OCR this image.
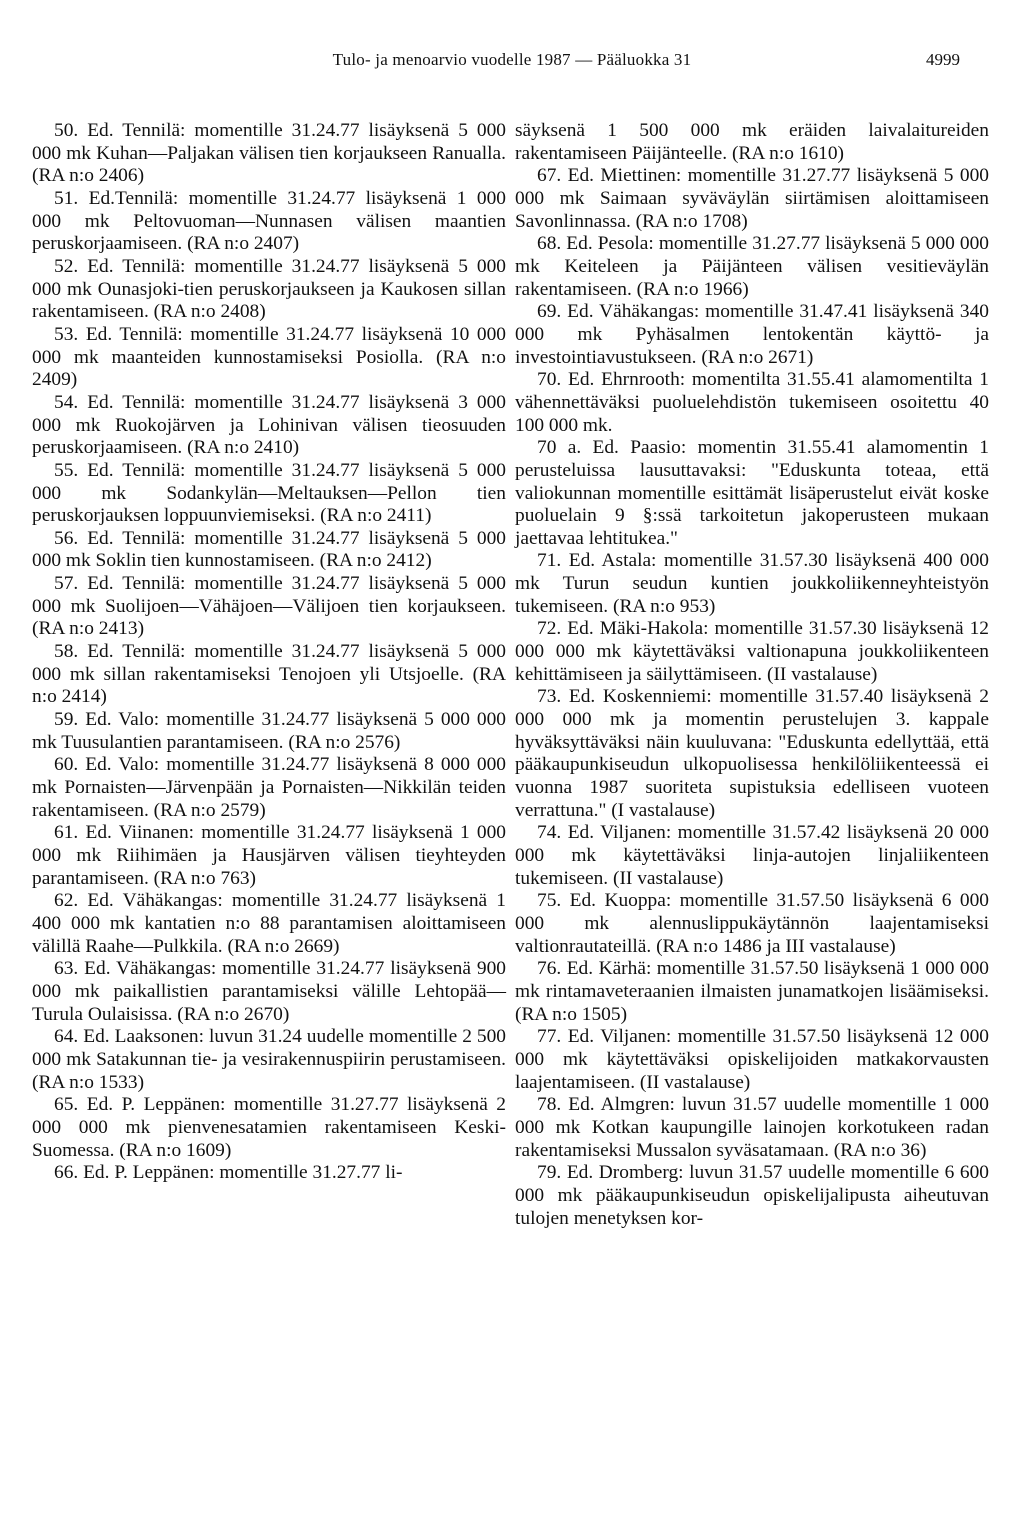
Tulo- ja menoarvio vuodelle 1987 — Pääluokka 31	4999

50. Ed. Tennilä: momentille 31.24.77 lisäyksenä 5 000 000 mk Kuhan—Paljakan välisen tien korjaukseen Ranualla. (RA n:o 2406)

51. Ed.Tennilä: momentille 31.24.77 lisäyksenä 1 000 000 mk Peltovuoman—Nunnasen välisen maantien peruskorjaamiseen. (RA n:o 2407)

52. Ed. Tennilä: momentille 31.24.77 lisäyksenä 5 000 000 mk Ounasjoki-tien peruskorjaukseen ja Kaukosen sillan rakentamiseen. (RA n:o 2408)

53. Ed. Tennilä: momentille 31.24.77 lisäyksenä 10 000 000 mk maanteiden kunnostamiseksi Posiolla. (RA n:o 2409)

54. Ed. Tennilä: momentille 31.24.77 lisäyksenä 3 000 000 mk Ruokojärven ja Lohinivan välisen tieosuuden peruskorjaamiseen. (RA n:o 2410)

55. Ed. Tennilä: momentille 31.24.77 lisäyksenä 5 000 000 mk Sodankylän—Meltauksen—Pellon tien peruskorjauksen loppuunviemiseksi. (RA n:o 2411)

56. Ed. Tennilä: momentille 31.24.77 lisäyksenä 5 000 000 mk Soklin tien kunnostamiseen. (RA n:o 2412)

57. Ed. Tennilä: momentille 31.24.77 lisäyksenä 5 000 000 mk Suolijoen—Vähäjoen—Välijoen tien korjaukseen. (RA n:o 2413)

58. Ed. Tennilä: momentille 31.24.77 lisäyksenä 5 000 000 mk sillan rakentamiseksi Tenojoen yli Utsjoelle. (RA n:o 2414)

59. Ed. Valo: momentille 31.24.77 lisäyksenä 5 000 000 mk Tuusulantien parantamiseen. (RA n:o 2576)

60. Ed. Valo: momentille 31.24.77 lisäyksenä 8 000 000 mk Pornaisten—Järvenpään ja Pornaisten—Nikkilän teiden rakentamiseen. (RA n:o 2579)

61. Ed. Viinanen: momentille 31.24.77 lisäyksenä 1 000 000 mk Riihimäen ja Hausjärven välisen tieyhteyden parantamiseen. (RA n:o 763)

62. Ed. Vähäkangas: momentille 31.24.77 lisäyksenä 1 400 000 mk kantatien n:o 88 parantamisen aloittamiseen välillä Raahe—Pulkkila. (RA n:o 2669)

63. Ed. Vähäkangas: momentille 31.24.77 lisäyksenä 900 000 mk paikallistien parantamiseksi välille Lehtopää—Turula Oulaisissa. (RA n:o 2670)

64. Ed. Laaksonen: luvun 31.24 uudelle momentille 2 500 000 mk Satakunnan tie- ja vesirakennuspiirin perustamiseen. (RA n:o 1533)

65. Ed. P. Leppänen: momentille 31.27.77 lisäyksenä 2 000 000 mk pienvenesatamien rakentamiseen Keski-Suomessa. (RA n:o 1609)

66. Ed. P. Leppänen: momentille 31.27.77 li-

säyksenä 1 500 000 mk eräiden laivalaitureiden rakentamiseen Päijänteelle. (RA n:o 1610)

67. Ed. Miettinen: momentille 31.27.77 lisäyksenä 5 000 000 mk Saimaan syväväylän siirtämisen aloittamiseen Savonlinnassa. (RA n:o 1708)

68. Ed. Pesola: momentille 31.27.77 lisäyksenä 5 000 000 mk Keiteleen ja Päijänteen välisen vesitieväylän rakentamiseen. (RA n:o 1966)

69. Ed. Vähäkangas: momentille 31.47.41 lisäyksenä 340 000 mk Pyhäsalmen lentokentän käyttö- ja investointiavustukseen. (RA n:o 2671)

70. Ed. Ehrnrooth: momentilta 31.55.41 alamomentilta 1 vähennettäväksi puoluelehdistön tukemiseen osoitettu 40 100 000 mk.

70 a. Ed. Paasio: momentin 31.55.41 alamomentin 1 perusteluissa lausuttavaksi: "Eduskunta toteaa, että valiokunnan momentille esittämät lisäperustelut eivät koske puoluelain 9 §:ssä tarkoitetun jakoperusteen mukaan jaettavaa lehtitukea."

71. Ed. Astala: momentille 31.57.30 lisäyksenä 400 000 mk Turun seudun kuntien joukkoliikenneyhteistyön tukemiseen. (RA n:o 953)

72. Ed. Mäki-Hakola: momentille 31.57.30 lisäyksenä 12 000 000 mk käytettäväksi valtionapuna joukkoliikenteen kehittämiseen ja säilyttämiseen. (II vastalause)

73. Ed. Koskenniemi: momentille 31.57.40 lisäyksenä 2 000 000 mk ja momentin perustelujen 3. kappale hyväksyttäväksi näin kuuluvana: "Eduskunta edellyttää, että pääkaupunkiseudun ulkopuolisessa henkilöliikenteessä ei vuonna 1987 suoriteta supistuksia edelliseen vuoteen verrattuna." (I vastalause)

74. Ed. Viljanen: momentille 31.57.42 lisäyksenä 20 000 000 mk käytettäväksi linja-autojen linjaliikenteen tukemiseen. (II vastalause)

75. Ed. Kuoppa: momentille 31.57.50 lisäyksenä 6 000 000 mk alennuslippukäytännön laajentamiseksi valtionrautateillä. (RA n:o 1486 ja III vastalause)

76. Ed. Kärhä: momentille 31.57.50 lisäyksenä 1 000 000 mk rintamaveteraanien ilmaisten junamatkojen lisäämiseksi. (RA n:o 1505)

77. Ed. Viljanen: momentille 31.57.50 lisäyksenä 12 000 000 mk käytettäväksi opiskelijoiden matkakorvausten laajentamiseen. (II vastalause)

78. Ed. Almgren: luvun 31.57 uudelle momentille 1 000 000 mk Kotkan kaupungille lainojen korkotukeen radan rakentamiseksi Mussalon syväsatamaan. (RA n:o 36)

79. Ed. Dromberg: luvun 31.57 uudelle momentille 6 600 000 mk pääkaupunkiseudun opiskelijalipusta aiheutuvan tulojen menetyksen kor-
